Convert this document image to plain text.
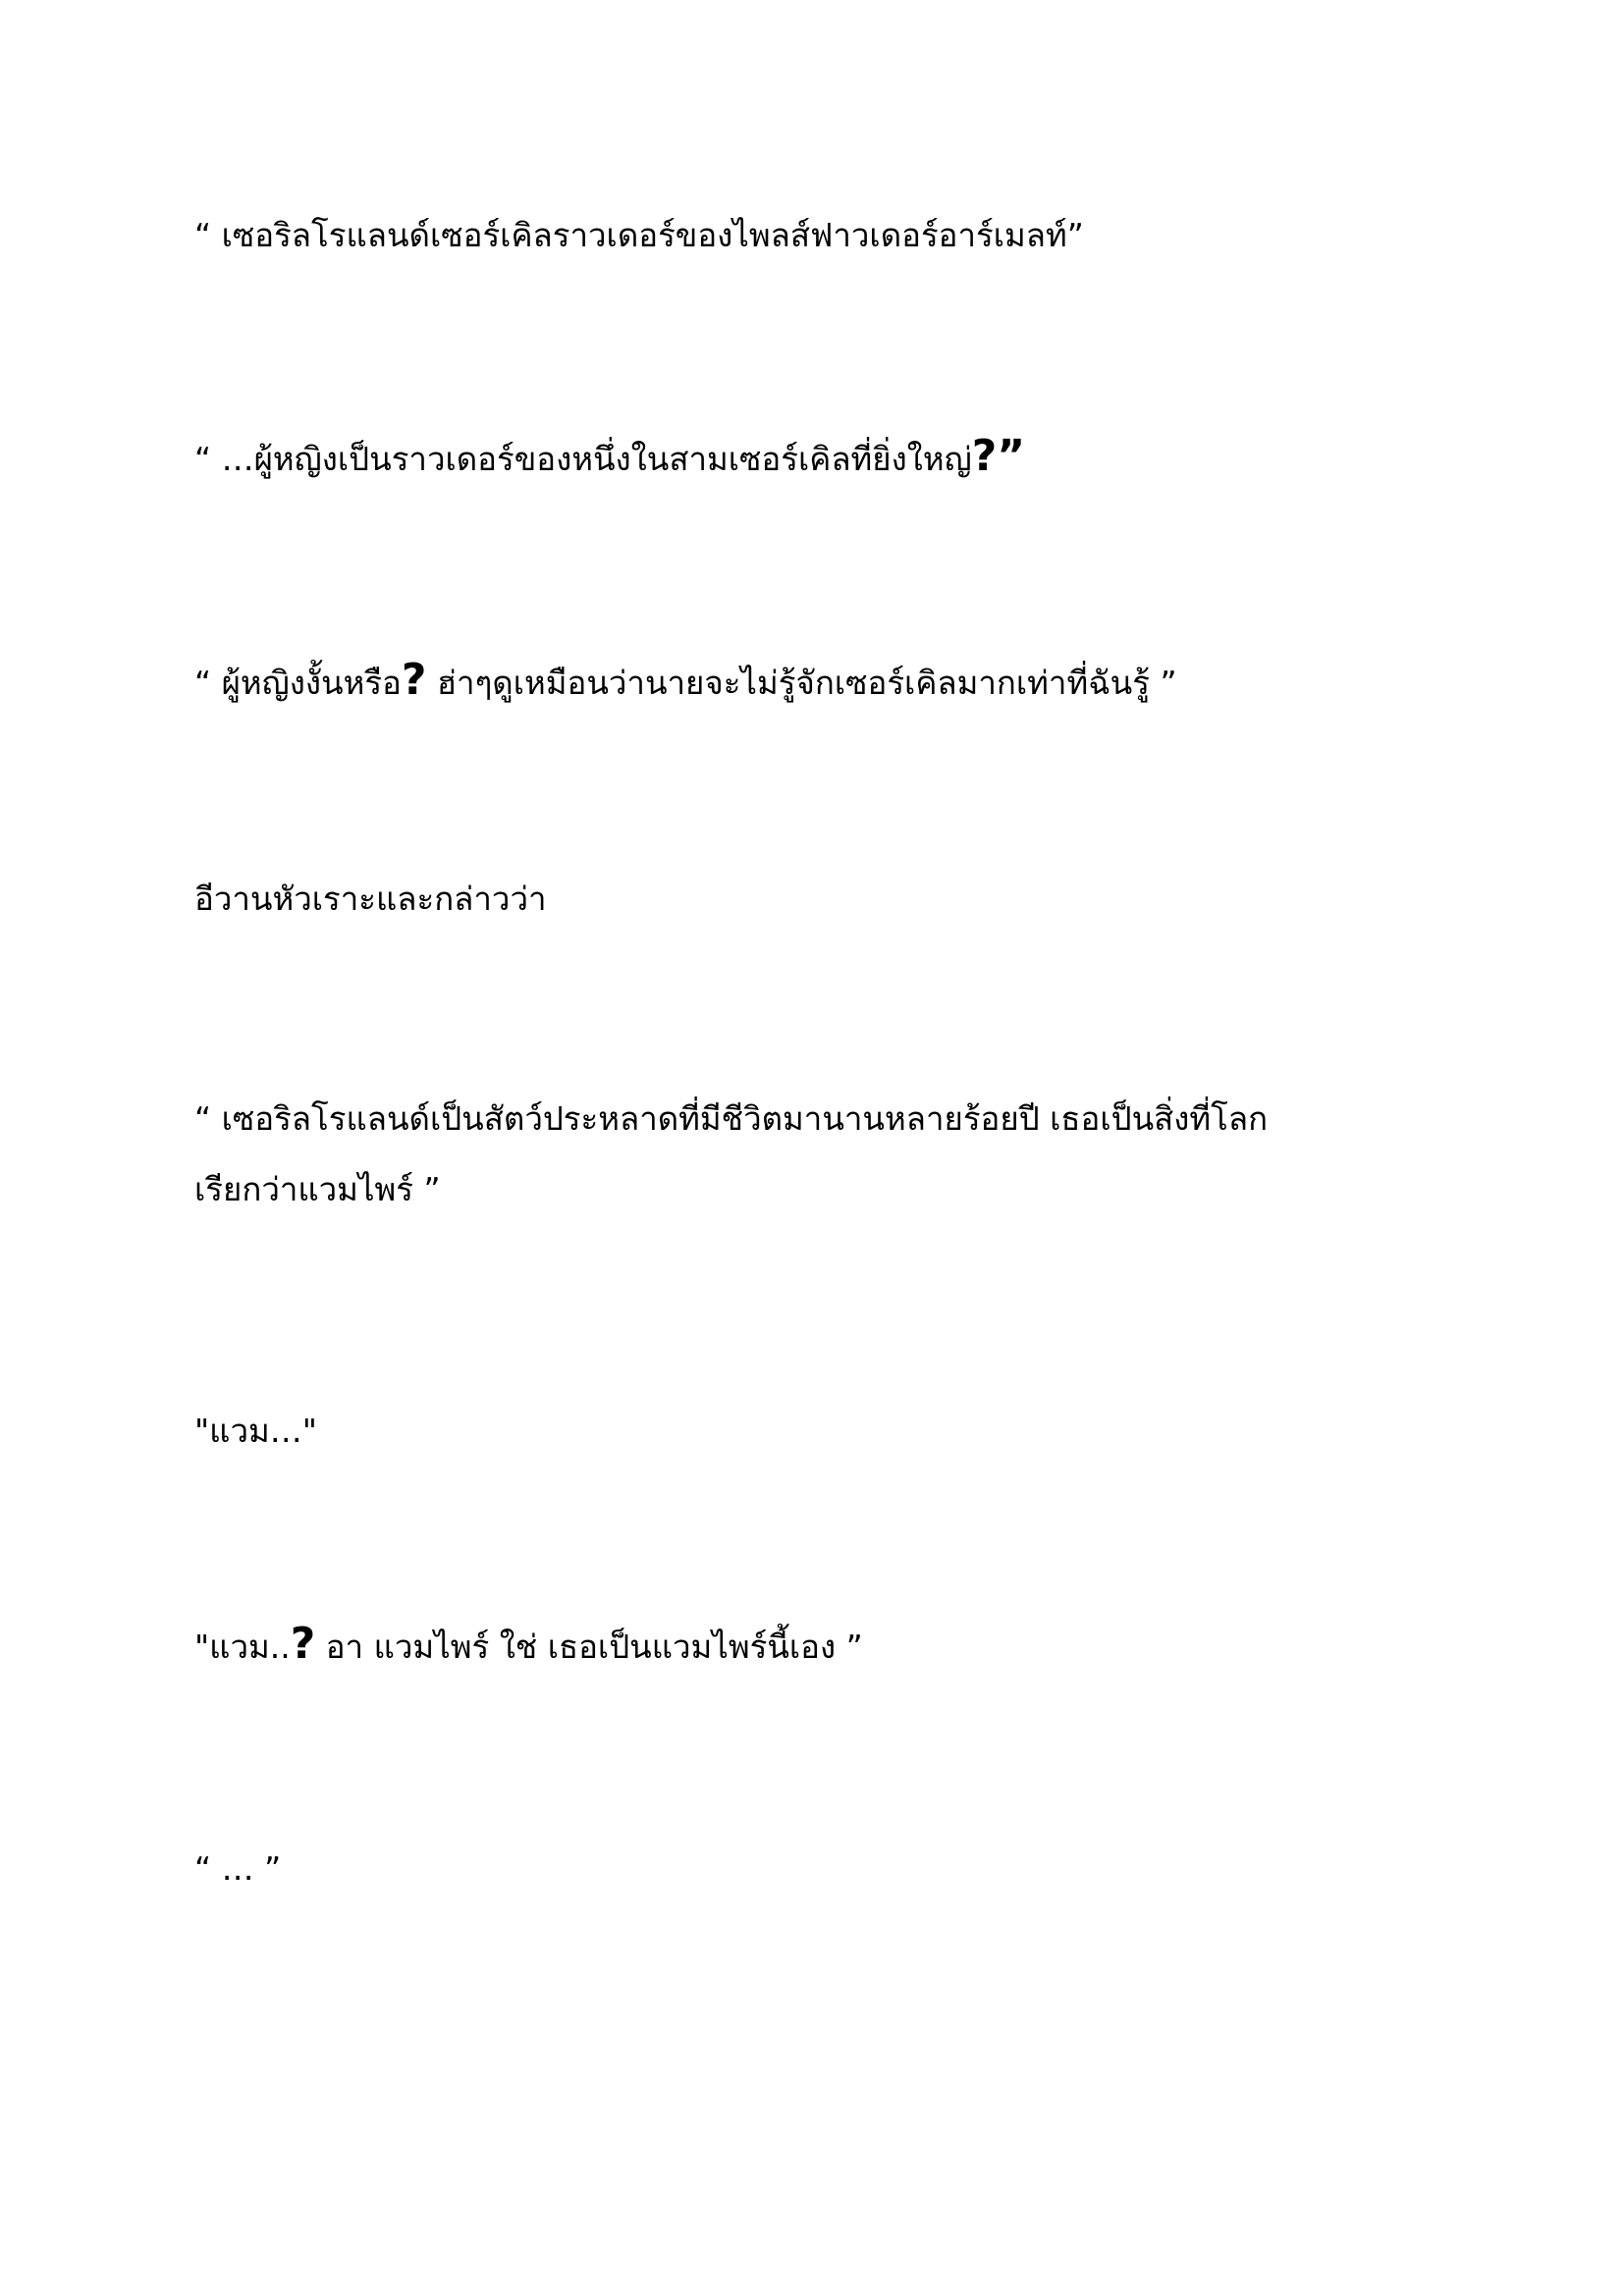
“ เซอริลโรแลนด์เซอร์เคิลราวเดอร์ของไพลส์ฟาวเดอร์อาร์เมลท์”

“ …ผู้หญิงเป็นราวเดอร์ของหนึ่งในสามเซอร์เคิลที่ยิ่งใหญ่?”

“ ผู้หญิงงั้นหรือ? ฮ่าๆดูเหมือนว่านายจะไม่รู้จักเซอร์เคิลมากเท่าที่ฉันรู้ ”

อีวานหัวเราะและกล่าวว่า

“ เซอริลโรแลนด์เป็นสัตว์ประหลาดที่มีชีวิตมานานหลายร้อยปี เธอเป็นสิ่งที่โลก
เรียกว่าแวมไพร์ ”

"แวม…"

"แวม..? อา แวมไพร์ ใช่ เธอเป็นแวมไพร์นี้เอง ”

“ … ”
